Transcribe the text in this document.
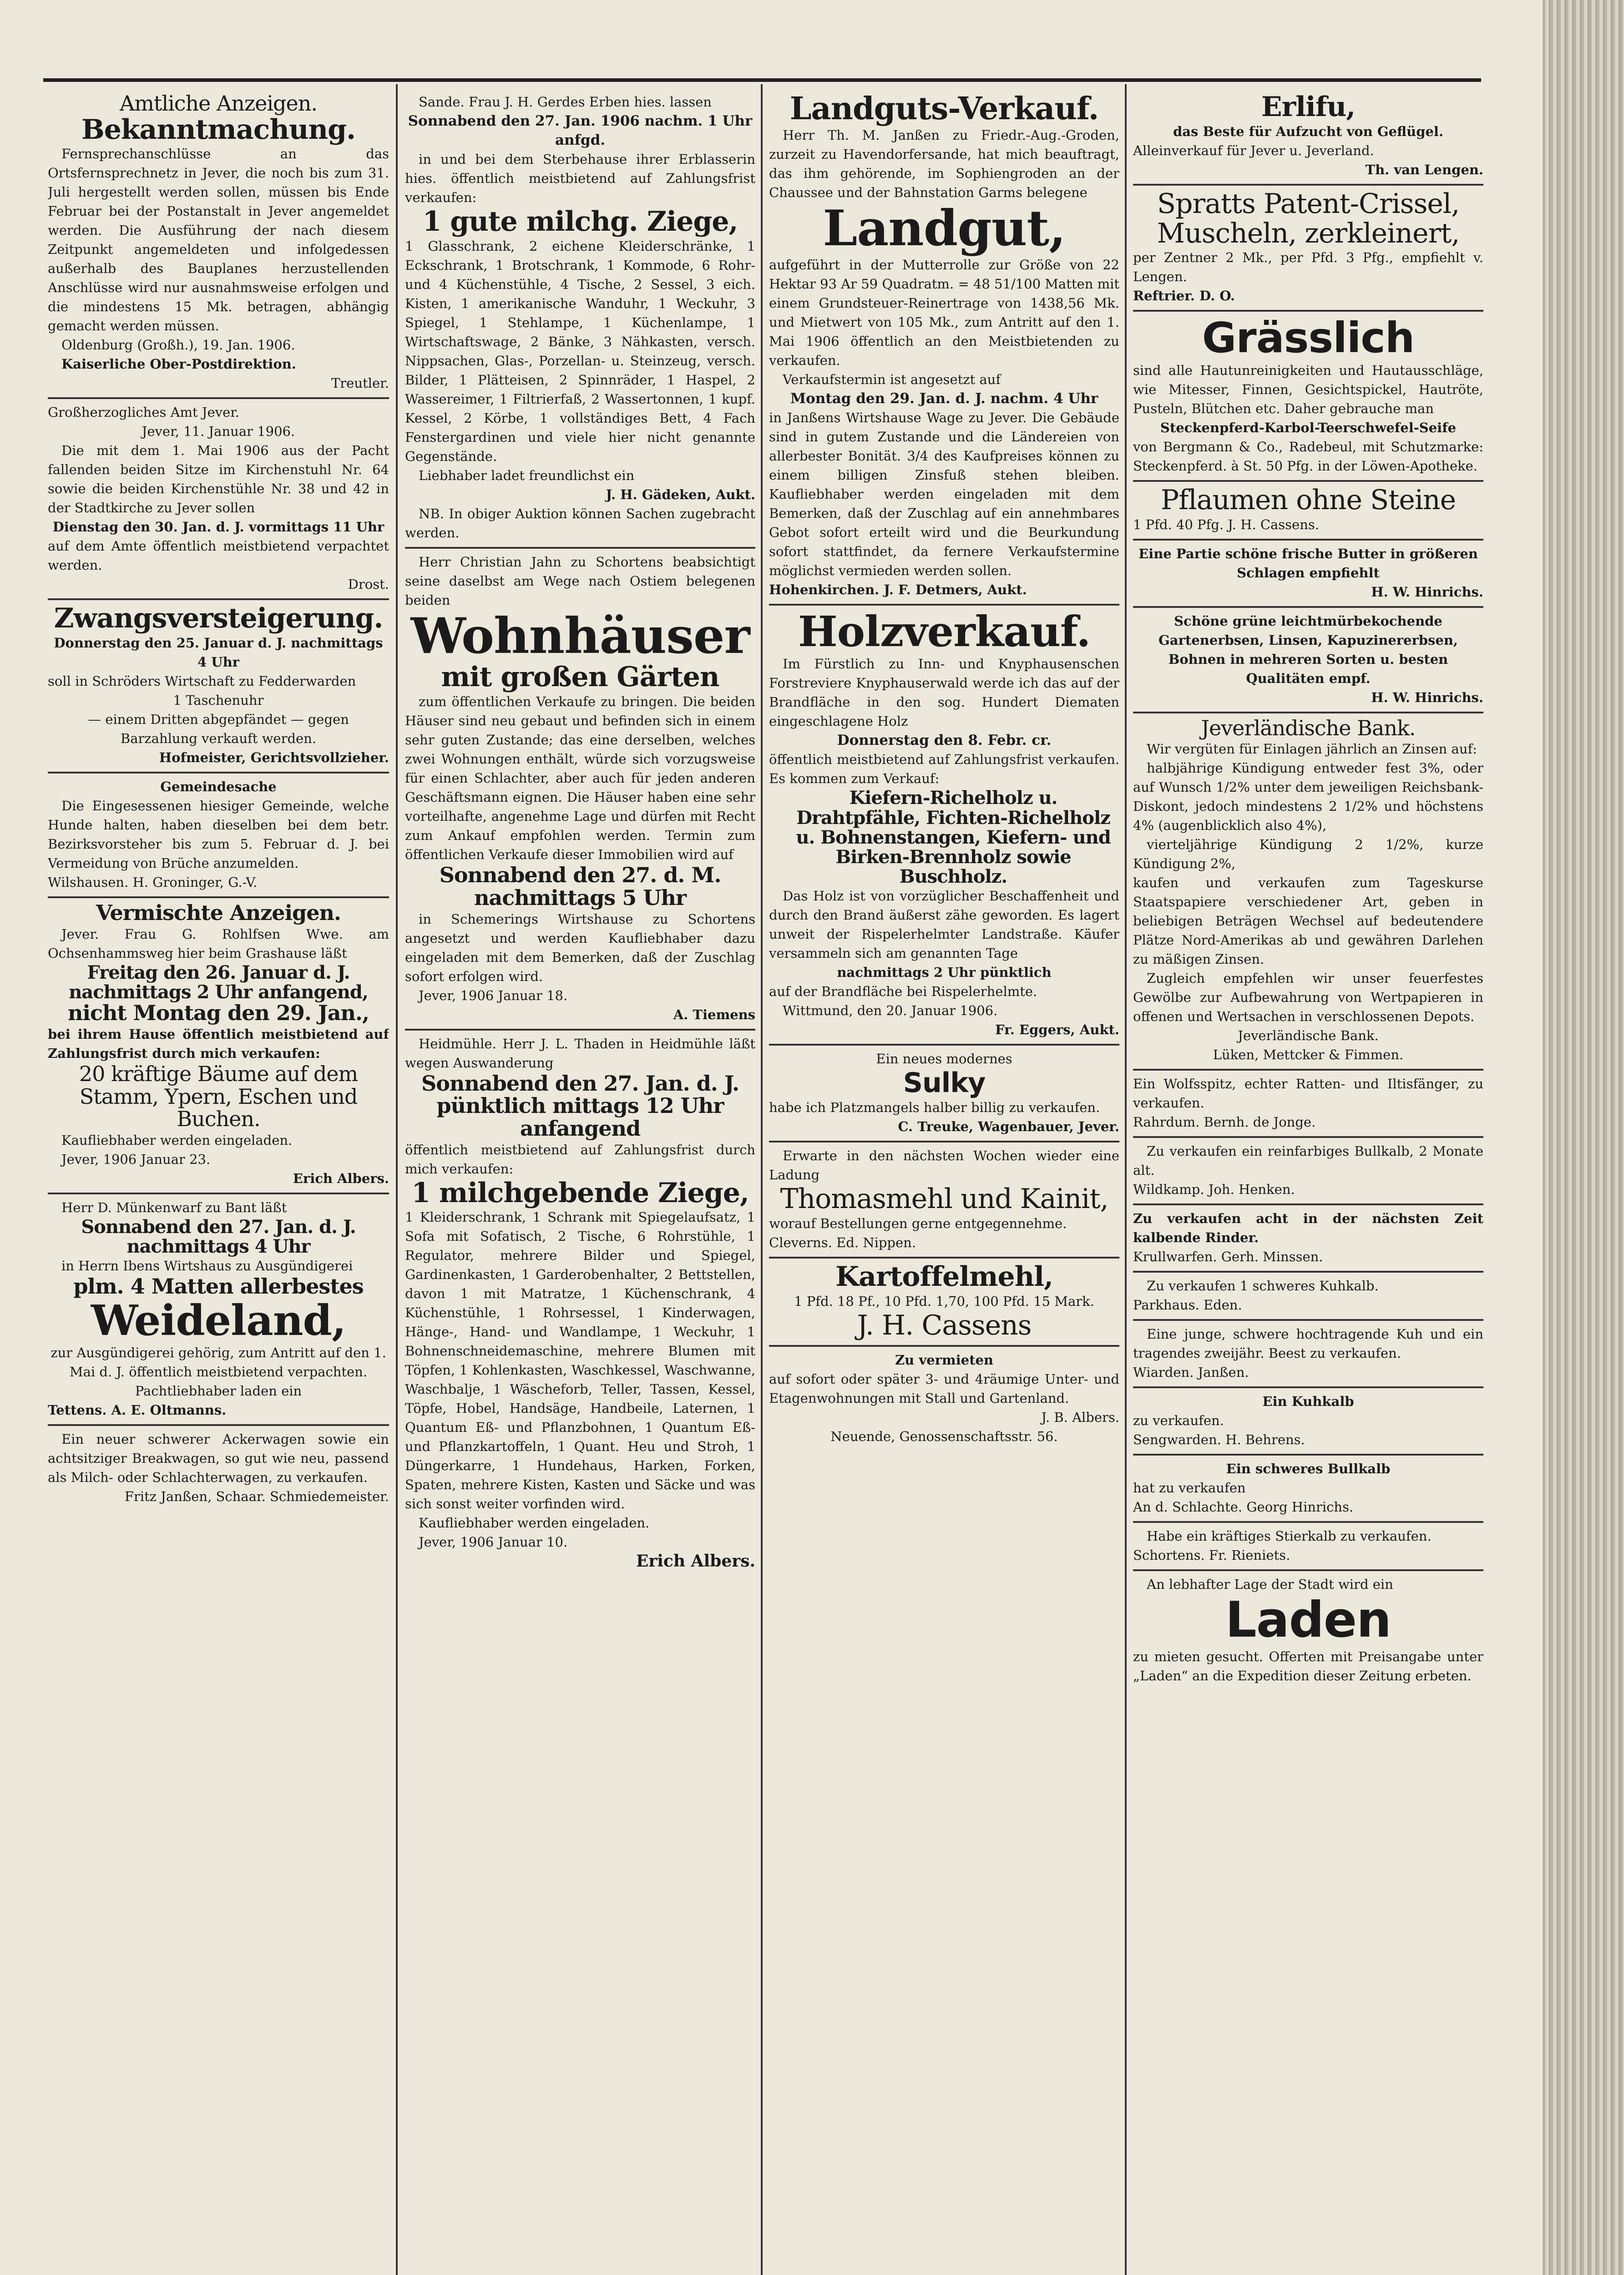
Amtliche Anzeigen.

Bekanntmachung.

Fernsprechanschlüsse an das Ortsfernsprechnetz in Jever, die noch bis zum 31. Juli hergestellt werden sollen, müssen bis Ende Februar bei der Postanstalt in Jever angemeldet werden. Die Ausführung der nach diesem Zeitpunkt angemeldeten und infolgedessen außerhalb des Bauplanes herzustellenden Anschlüsse wird nur ausnahmsweise erfolgen und die mindestens 15 Mk. betragen, abhängig gemacht werden müssen.

Oldenburg (Großh.), 19. Jan. 1906.

Kaiserliche Ober-Postdirektion.

Treutler.

Großherzogliches Amt Jever.

Jever, 11. Januar 1906.

Die mit dem 1. Mai 1906 aus der Pacht fallenden beiden Sitze im Kirchenstuhl Nr. 64 sowie die beiden Kirchenstühle Nr. 38 und 42 in der Stadtkirche zu Jever sollen

Dienstag den 30. Jan. d. J. vormittags 11 Uhr

auf dem Amte öffentlich meistbietend verpachtet werden.

Drost.

Zwangsversteigerung.

Donnerstag den 25. Januar d. J. nachmittags 4 Uhr

soll in Schröders Wirtschaft zu Fedderwarden

1 Taschenuhr

— einem Dritten abgepfändet — gegen Barzahlung verkauft werden.

Hofmeister, Gerichtsvollzieher.

Gemeindesache

Die Eingesessenen hiesiger Gemeinde, welche Hunde halten, haben dieselben bei dem betr. Bezirksvorsteher bis zum 5. Februar d. J. bei Vermeidung von Brüche anzumelden.

Wilshausen. H. Groninger, G.-V.

Vermischte Anzeigen.

Jever. Frau G. Rohlfsen Wwe. am Ochsenhammsweg hier beim Grashause läßt

Freitag den 26. Januar d. J. nachmittags 2 Uhr anfangend,

nicht Montag den 29. Jan.,

bei ihrem Hause öffentlich meistbietend auf Zahlungsfrist durch mich verkaufen:

20 kräftige Bäume auf dem Stamm, Ypern, Eschen und Buchen.

Kaufliebhaber werden eingeladen.

Jever, 1906 Januar 23.

Erich Albers.

Herr D. Münkenwarf zu Bant läßt

Sonnabend den 27. Jan. d. J. nachmittags 4 Uhr

in Herrn Ibens Wirtshaus zu Ausgündigerei

plm. 4 Matten allerbestes

Weideland,

zur Ausgündigerei gehörig, zum Antritt auf den 1. Mai d. J. öffentlich meistbietend verpachten. Pachtliebhaber laden ein

Tettens. A. E. Oltmanns.

Ein neuer schwerer Ackerwagen sowie ein achtsitziger Breakwagen, so gut wie neu, passend als Milch- oder Schlachterwagen, zu verkaufen.

Fritz Janßen, Schaar. Schmiedemeister.

Sande. Frau J. H. Gerdes Erben hies. lassen

Sonnabend den 27. Jan. 1906 nachm. 1 Uhr anfgd.

in und bei dem Sterbehause ihrer Erblasserin hies. öffentlich meistbietend auf Zahlungsfrist verkaufen:

1 gute milchg. Ziege,

1 Glasschrank, 2 eichene Kleiderschränke, 1 Eckschrank, 1 Brotschrank, 1 Kommode, 6 Rohr- und 4 Küchenstühle, 4 Tische, 2 Sessel, 3 eich. Kisten, 1 amerikanische Wanduhr, 1 Weckuhr, 3 Spiegel, 1 Stehlampe, 1 Küchenlampe, 1 Wirtschaftswage, 2 Bänke, 3 Nähkasten, versch. Nippsachen, Glas-, Porzellan- u. Steinzeug, versch. Bilder, 1 Plätteisen, 2 Spinnräder, 1 Haspel, 2 Wassereimer, 1 Filtrierfaß, 2 Wassertonnen, 1 kupf. Kessel, 2 Körbe, 1 vollständiges Bett, 4 Fach Fenstergardinen und viele hier nicht genannte Gegenstände.

Liebhaber ladet freundlichst ein

J. H. Gädeken, Aukt.

NB. In obiger Auktion können Sachen zugebracht werden.

Herr Christian Jahn zu Schortens beabsichtigt seine daselbst am Wege nach Ostiem belegenen beiden

Wohnhäuser

mit großen Gärten

zum öffentlichen Verkaufe zu bringen. Die beiden Häuser sind neu gebaut und befinden sich in einem sehr guten Zustande; das eine derselben, welches zwei Wohnungen enthält, würde sich vorzugsweise für einen Schlachter, aber auch für jeden anderen Geschäftsmann eignen. Die Häuser haben eine sehr vorteilhafte, angenehme Lage und dürfen mit Recht zum Ankauf empfohlen werden. Termin zum öffentlichen Verkaufe dieser Immobilien wird auf

Sonnabend den 27. d. M. nachmittags 5 Uhr

in Schemerings Wirtshause zu Schortens angesetzt und werden Kaufliebhaber dazu eingeladen mit dem Bemerken, daß der Zuschlag sofort erfolgen wird.

Jever, 1906 Januar 18.

A. Tiemens

Heidmühle. Herr J. L. Thaden in Heidmühle läßt wegen Auswanderung

Sonnabend den 27. Jan. d. J. pünktlich mittags 12 Uhr anfangend

öffentlich meistbietend auf Zahlungsfrist durch mich verkaufen:

1 milchgebende Ziege,

1 Kleiderschrank, 1 Schrank mit Spiegelaufsatz, 1 Sofa mit Sofatisch, 2 Tische, 6 Rohrstühle, 1 Regulator, mehrere Bilder und Spiegel, Gardinenkasten, 1 Garderobenhalter, 2 Bettstellen, davon 1 mit Matratze, 1 Küchenschrank, 4 Küchenstühle, 1 Rohrsessel, 1 Kinderwagen, Hänge-, Hand- und Wandlampe, 1 Weckuhr, 1 Bohnenschneidemaschine, mehrere Blumen mit Töpfen, 1 Kohlenkasten, Waschkessel, Waschwanne, Waschbalje, 1 Wäscheforb, Teller, Tassen, Kessel, Töpfe, Hobel, Handsäge, Handbeile, Laternen, 1 Quantum Eß- und Pflanzbohnen, 1 Quantum Eß- und Pflanzkartoffeln, 1 Quant. Heu und Stroh, 1 Düngerkarre, 1 Hundehaus, Harken, Forken, Spaten, mehrere Kisten, Kasten und Säcke und was sich sonst weiter vorfinden wird.

Kaufliebhaber werden eingeladen.

Jever, 1906 Januar 10.

Erich Albers.

Landguts-Verkauf.

Herr Th. M. Janßen zu Friedr.-Aug.-Groden, zurzeit zu Havendorfersande, hat mich beauftragt, das ihm gehörende, im Sophiengroden an der Chaussee und der Bahnstation Garms belegene

Landgut,

aufgeführt in der Mutterrolle zur Größe von 22 Hektar 93 Ar 59 Quadratm. = 48 51/100 Matten mit einem Grundsteuer-Reinertrage von 1438,56 Mk. und Mietwert von 105 Mk., zum Antritt auf den 1. Mai 1906 öffentlich an den Meistbietenden zu verkaufen.

Verkaufstermin ist angesetzt auf

Montag den 29. Jan. d. J. nachm. 4 Uhr

in Janßens Wirtshause Wage zu Jever. Die Gebäude sind in gutem Zustande und die Ländereien von allerbester Bonität. 3/4 des Kaufpreises können zu einem billigen Zinsfuß stehen bleiben. Kaufliebhaber werden eingeladen mit dem Bemerken, daß der Zuschlag auf ein annehmbares Gebot sofort erteilt wird und die Beurkundung sofort stattfindet, da fernere Verkaufstermine möglichst vermieden werden sollen.

Hohenkirchen. J. F. Detmers, Aukt.

Holzverkauf.

Im Fürstlich zu Inn- und Knyphausenschen Forstreviere Knyphauserwald werde ich das auf der Brandfläche in den sog. Hundert Diematen eingeschlagene Holz

Donnerstag den 8. Febr. cr.

öffentlich meistbietend auf Zahlungsfrist verkaufen. Es kommen zum Verkauf:

Kiefern-Richelholz u. Drahtpfähle, Fichten-Richelholz u. Bohnenstangen, Kiefern- und Birken-Brennholz sowie Buschholz.

Das Holz ist von vorzüglicher Beschaffenheit und durch den Brand äußerst zähe geworden. Es lagert unweit der Rispelerhelmter Landstraße. Käufer versammeln sich am genannten Tage

nachmittags 2 Uhr pünktlich

auf der Brandfläche bei Rispelerhelmte.

Wittmund, den 20. Januar 1906.

Fr. Eggers, Aukt.

Ein neues modernes

Sulky

habe ich Platzmangels halber billig zu verkaufen.

C. Treuke, Wagenbauer, Jever.

Erwarte in den nächsten Wochen wieder eine Ladung

Thomasmehl und Kainit,

worauf Bestellungen gerne entgegennehme.

Cleverns. Ed. Nippen.

Kartoffelmehl,

1 Pfd. 18 Pf., 10 Pfd. 1,70, 100 Pfd. 15 Mark.

J. H. Cassens

Zu vermieten

auf sofort oder später 3- und 4räumige Unter- und Etagenwohnungen mit Stall und Gartenland.

J. B. Albers.

Neuende, Genossenschaftsstr. 56.

Erlifu,

das Beste für Aufzucht von Geflügel.

Alleinverkauf für Jever u. Jeverland.

Th. van Lengen.

Spratts Patent-Crissel,

Muscheln, zerkleinert,

per Zentner 2 Mk., per Pfd. 3 Pfg., empfiehlt v. Lengen.

Reftrier. D. O.

Grässlich

sind alle Hautunreinigkeiten und Hautausschläge, wie Mitesser, Finnen, Gesichtspickel, Hautröte, Pusteln, Blütchen etc. Daher gebrauche man

Steckenpferd-Karbol-Teerschwefel-Seife

von Bergmann & Co., Radebeul, mit Schutzmarke: Steckenpferd. à St. 50 Pfg. in der Löwen-Apotheke.

Pflaumen ohne Steine

1 Pfd. 40 Pfg. J. H. Cassens.

Eine Partie schöne frische Butter in größeren Schlagen empfiehlt

H. W. Hinrichs.

Schöne grüne leichtmürbekochende Gartenerbsen, Linsen, Kapuzinererbsen, Bohnen in mehreren Sorten u. besten Qualitäten empf.

H. W. Hinrichs.

Jeverländische Bank.

Wir vergüten für Einlagen jährlich an Zinsen auf:

halbjährige Kündigung entweder fest 3%, oder auf Wunsch 1/2% unter dem jeweiligen Reichsbank-Diskont, jedoch mindestens 2 1/2% und höchstens 4% (augenblicklich also 4%),

vierteljährige Kündigung 2 1/2%, kurze Kündigung 2%,

kaufen und verkaufen zum Tageskurse Staatspapiere verschiedener Art, geben in beliebigen Beträgen Wechsel auf bedeutendere Plätze Nord-Amerikas ab und gewähren Darlehen zu mäßigen Zinsen.

Zugleich empfehlen wir unser feuerfestes Gewölbe zur Aufbewahrung von Wertpapieren in offenen und Wertsachen in verschlossenen Depots.

Jeverländische Bank.

Lüken, Mettcker & Fimmen.

Ein Wolfsspitz, echter Ratten- und Iltisfänger, zu verkaufen.

Rahrdum. Bernh. de Jonge.

Zu verkaufen ein reinfarbiges Bullkalb, 2 Monate alt.

Wildkamp. Joh. Henken.

Zu verkaufen acht in der nächsten Zeit kalbende Rinder.

Krullwarfen. Gerh. Minssen.

Zu verkaufen 1 schweres Kuhkalb.

Parkhaus. Eden.

Eine junge, schwere hochtragende Kuh und ein tragendes zweijähr. Beest zu verkaufen.

Wiarden. Janßen.

Ein Kuhkalb

zu verkaufen.

Sengwarden. H. Behrens.

Ein schweres Bullkalb

hat zu verkaufen

An d. Schlachte. Georg Hinrichs.

Habe ein kräftiges Stierkalb zu verkaufen.

Schortens. Fr. Rieniets.

An lebhafter Lage der Stadt wird ein

Laden

zu mieten gesucht. Offerten mit Preisangabe unter „Laden“ an die Expedition dieser Zeitung erbeten.
